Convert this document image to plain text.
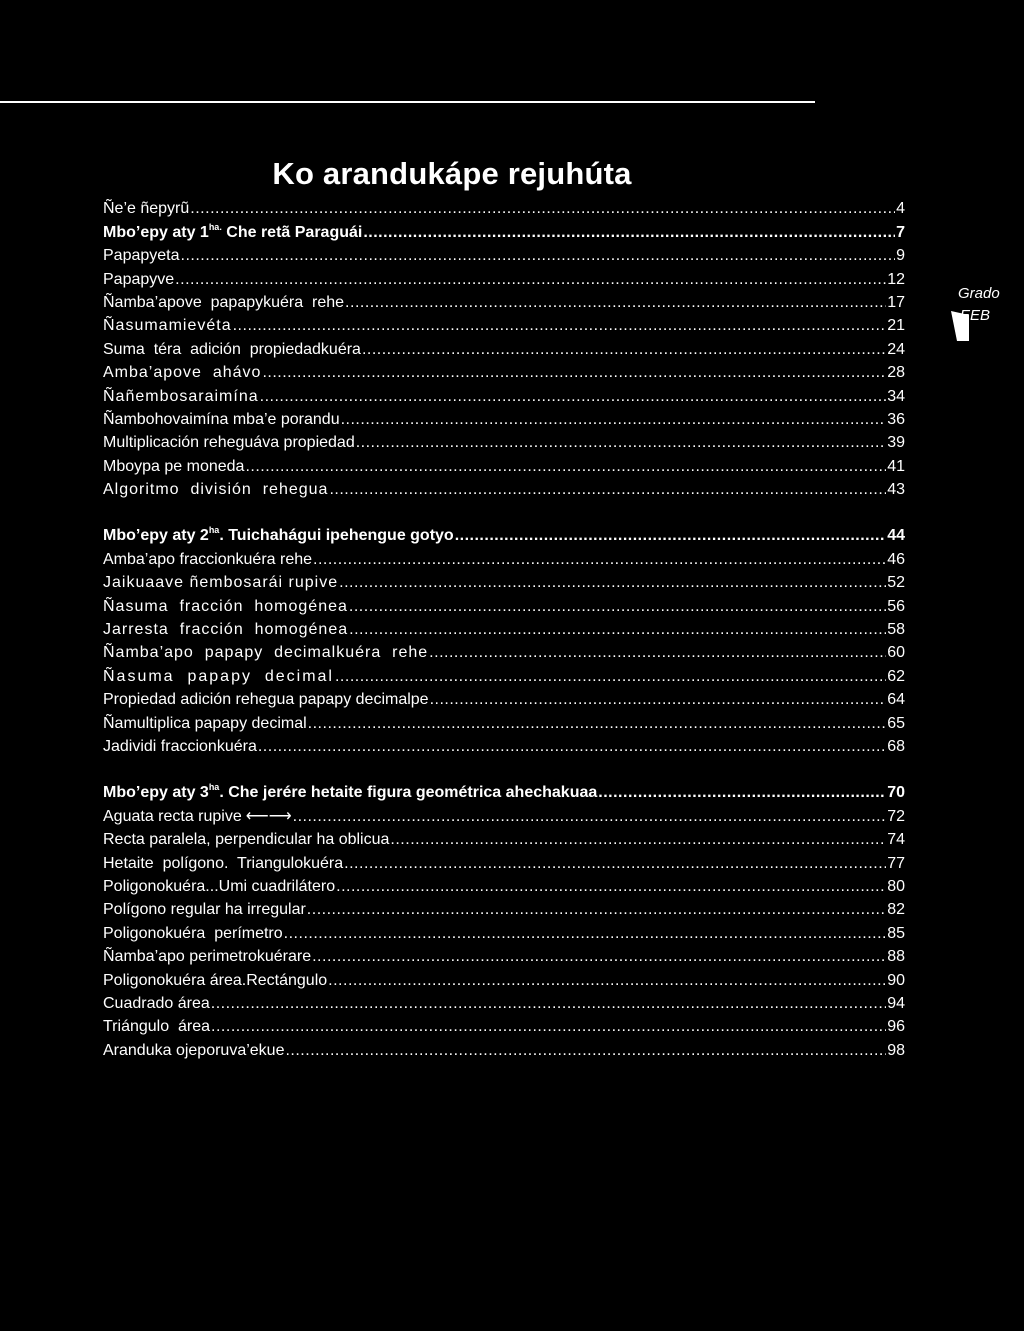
Grado
EEB
Ko arandukápe rejuhúta
Ñe’e ñepyrũ .....	4
Mbo’epy aty $1^{ha.}$ Che retã Paraguái .....	7
Papapyeta .....	9
Papapyve .....	12
Ñamba’apove  papapykuéra  rehe .....	17
Ñasumamievéta .....	21
Suma  téra  adición  propiedadkuéra .....	24
Amba’apove  ahávo .....	28
Ñañembosaraimína .....	34
Ñambohovaimína mba’e porandu .....	36
Multiplicación reheguáva propiedad .....	39
Mboypa pe moneda .....	41
Algoritmo  división  rehegua .....	43
Mbo’epy aty $2^{ha}$. Tuichahágui ipehengue gotyo .....	44
Amba’apo fraccionkuéra rehe .....	46
Jaikuaave ñembosarái rupive .....	52
Ñasuma  fracción  homogénea .....	56
Jarresta  fracción  homogénea .....	58
Ñamba’apo  papapy  decimalkuéra  rehe .....	60
Ñasuma  papapy  decimal .....	62
Propiedad adición rehegua papapy decimalpe .....	64
Ñamultiplica papapy decimal .....	65
Jadividi fraccionkuéra .....	68
Mbo’epy aty $3^{ha}$. Che jerére hetaite figura geométrica ahechakuaa .....	70
Aguata recta rupive ⟵⟶ .....	72
Recta paralela, perpendicular ha oblicua .....	74
Hetaite  polígono.  Triangulokuéra .....	77
Poligonokuéra...Umi cuadrilátero .....	80
Polígono regular ha irregular .....	82
Poligonokuéra  perímetro .....	85
Ñamba’apo perimetrokuérare .....	88
Poligonokuéra área.Rectángulo .....	90
Cuadrado área .....	94
Triángulo  área .....	96
Aranduka ojeporuva’ekue .....	98
